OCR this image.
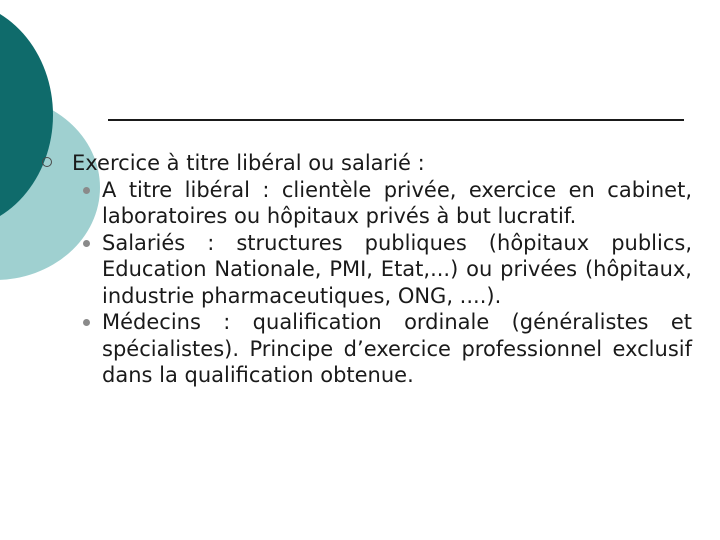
Exercice à titre libéral ou salarié :
A titre libéral : clientèle privée, exercice en cabinet, laboratoires ou hôpitaux privés à but lucratif.
Salariés : structures publiques (hôpitaux publics, Education Nationale, PMI, Etat,...) ou privées (hôpitaux, industrie pharmaceutiques, ONG, ....).
Médecins : qualification ordinale (généralistes et spécialistes). Principe d’exercice professionnel exclusif dans la qualification obtenue.
